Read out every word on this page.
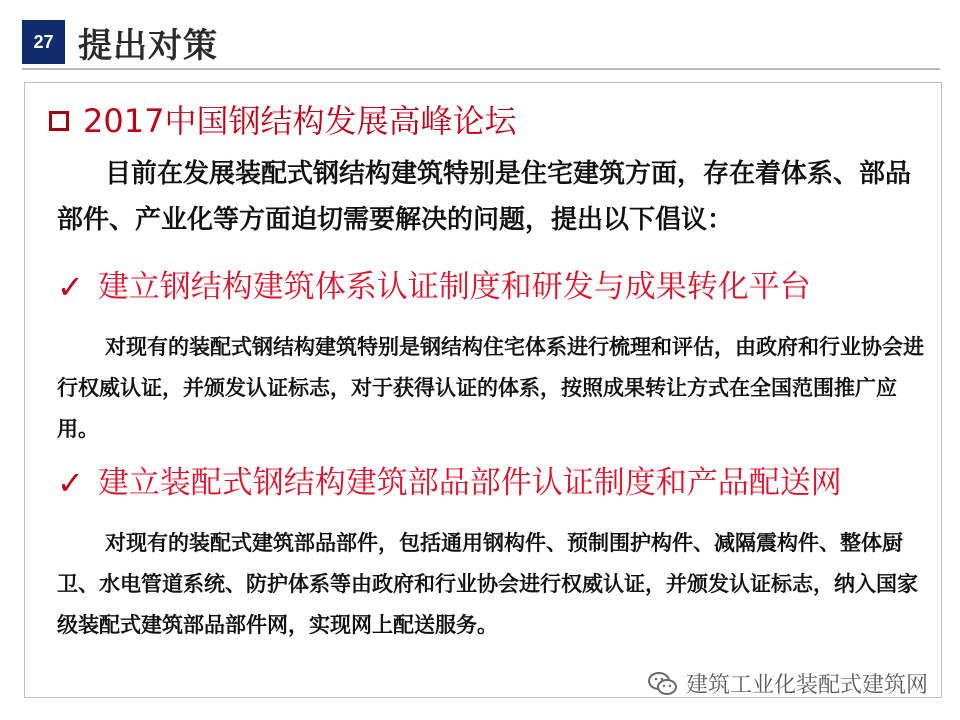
27 提出对策
2017中国钢结构发展高峰论坛
目前在发展装配式钢结构建筑特别是住宅建筑方面，存在着体系、部品部件、产业化等方面迫切需要解决的问题，提出以下倡议：
✓ 建立钢结构建筑体系认证制度和研发与成果转化平台
对现有的装配式钢结构建筑特别是钢结构住宅体系进行梳理和评估，由政府和行业协会进行权威认证，并颁发认证标志，对于获得认证的体系，按照成果转让方式在全国范围推广应用。
✓ 建立装配式钢结构建筑部品部件认证制度和产品配送网
对现有的装配式建筑部品部件，包括通用钢构件、预制围护构件、减隔震构件、整体厨卫、水电管道系统、防护体系等由政府和行业协会进行权威认证，并颁发认证标志，纳入国家级装配式建筑部品部件网，实现网上配送服务。
建筑工业化装配式建筑网
